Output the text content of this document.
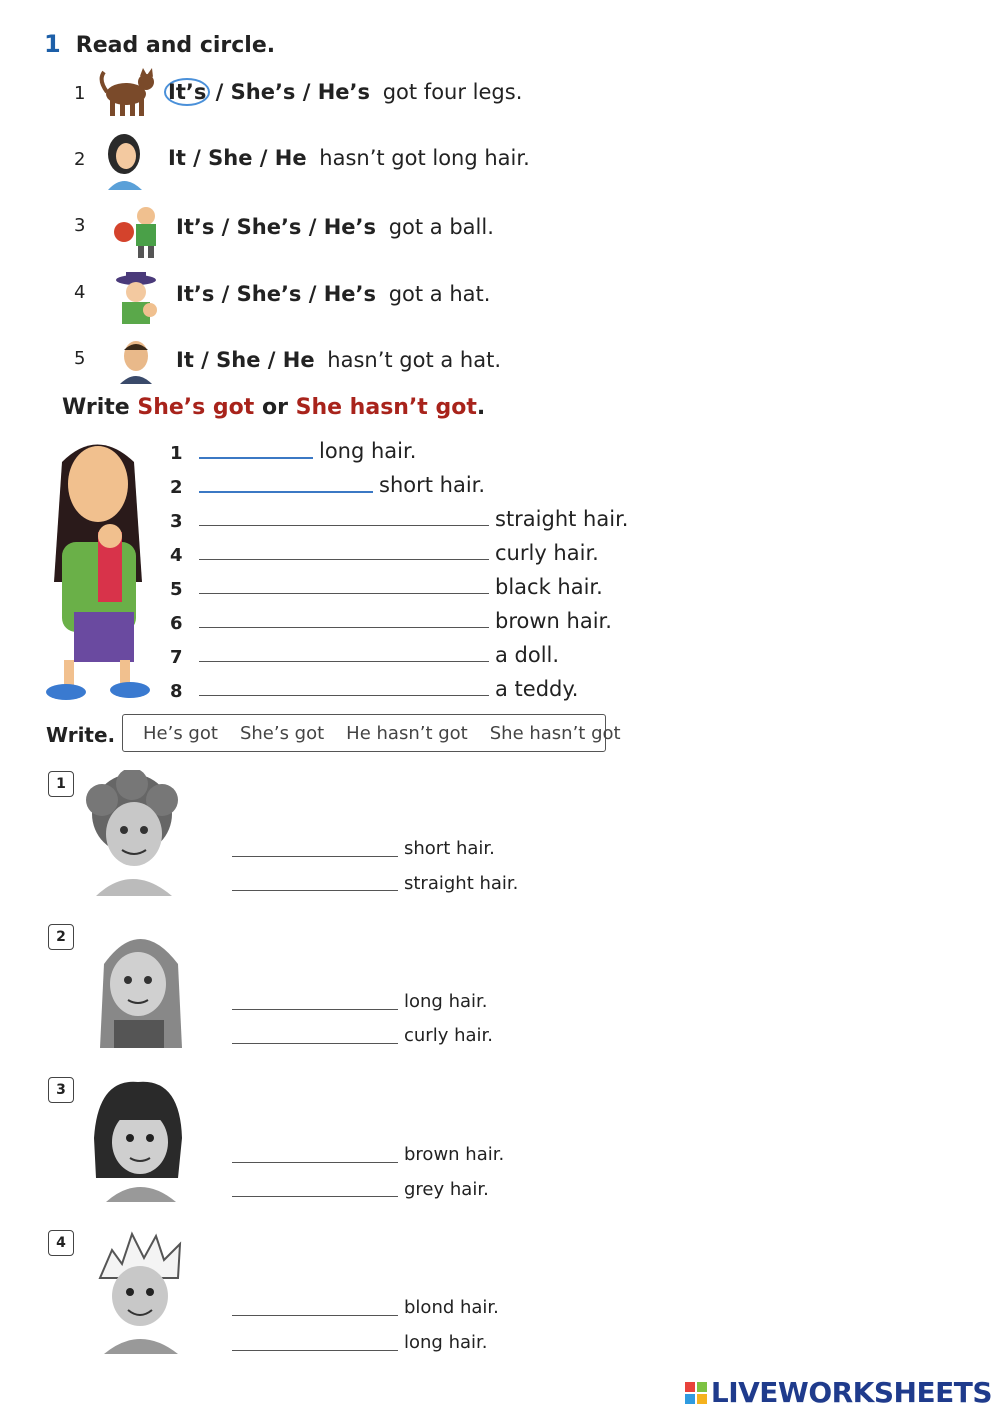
1 Read and circle.
1	It’s / She’s / He’s got four legs.
2	It / She / He hasn’t got long hair.
3	It’s / She’s / He’s got a ball.
4	It’s / She’s / He’s got a hat.
5	It / She / He hasn’t got a hat.
Write She’s got or She hasn’t got.
1	long hair.
2	short hair.
3	straight hair.
4	curly hair.
5	black hair.
6	brown hair.
7	a doll.
8	a teddy.
Write. He’s got She’s got He hasn’t got She hasn’t got
1
short hair.
straight hair.
2
long hair.
curly hair.
3
brown hair.
grey hair.
4
blond hair.
long hair.
LIVEWORKSHEETS
